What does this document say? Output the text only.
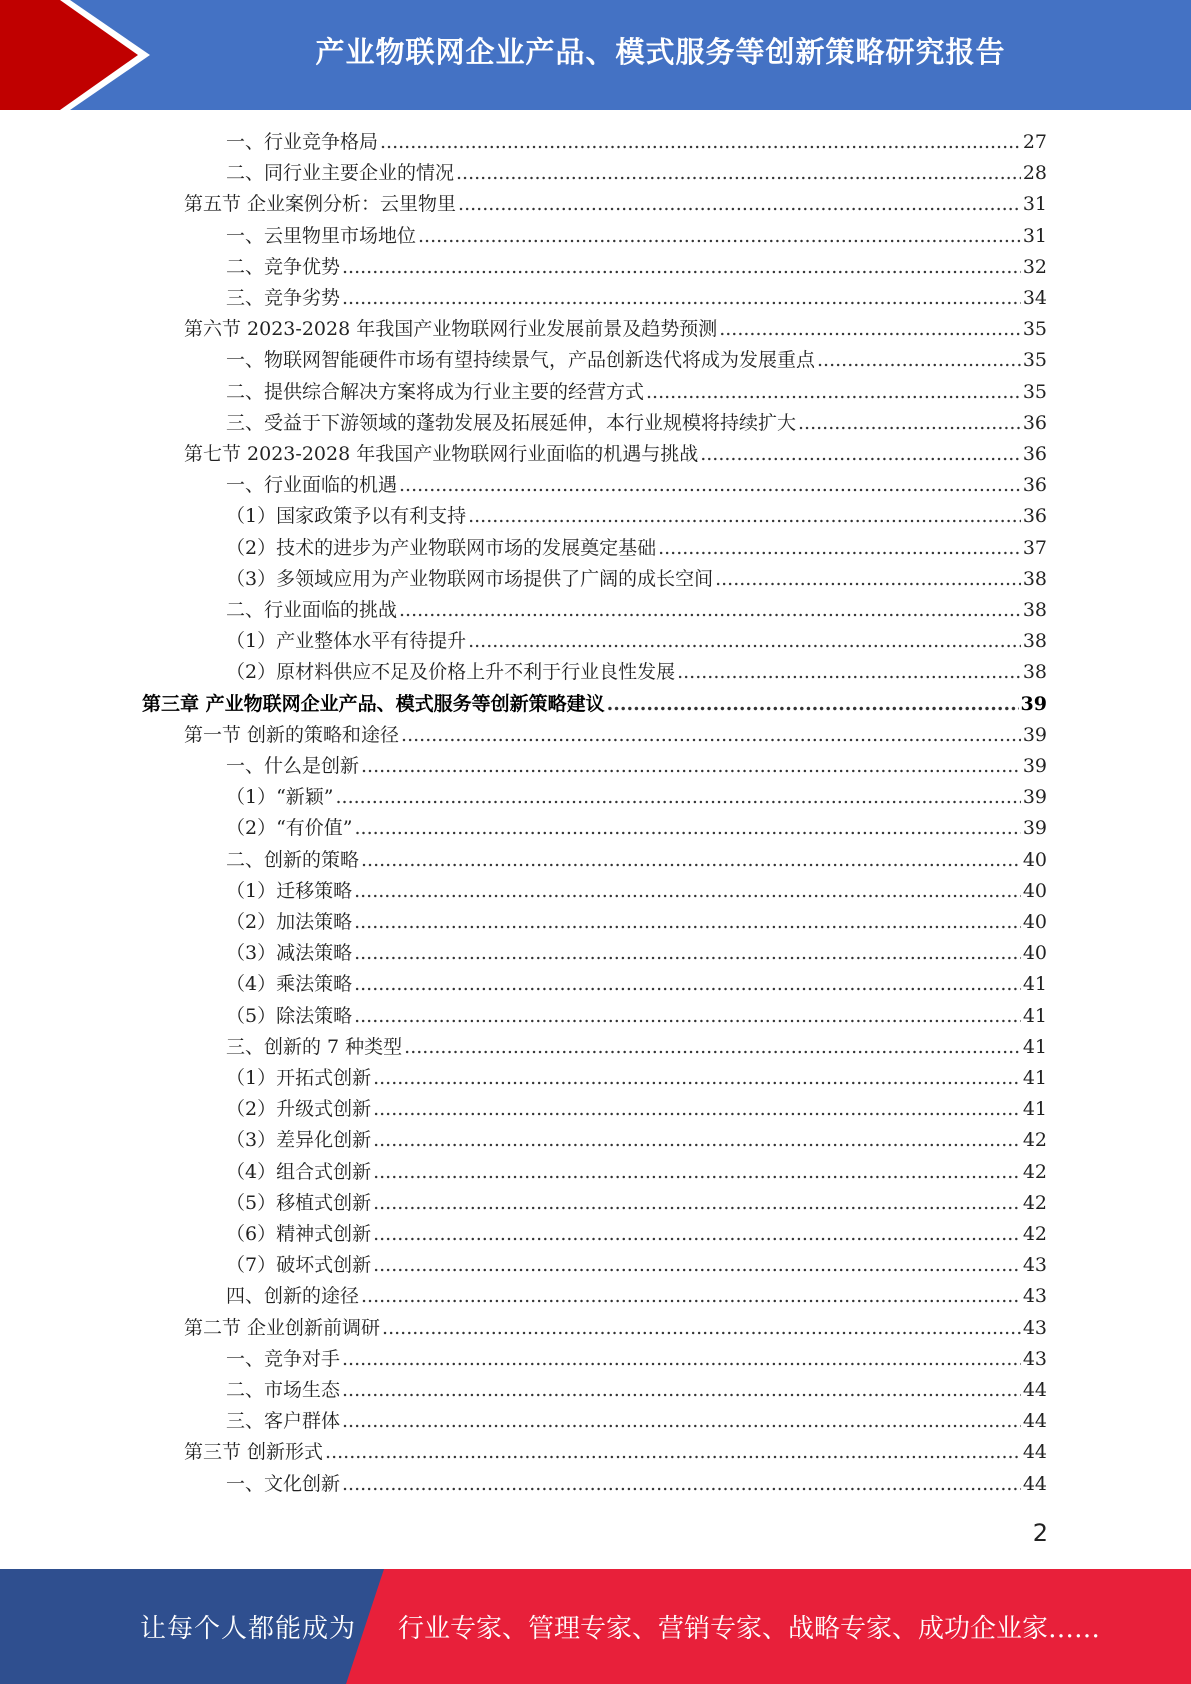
产业物联网企业产品、模式服务等创新策略研究报告
一、行业竞争格局 .....	27
二、同行业主要企业的情况 .....	28
第五节 企业案例分析：云里物里 .....	31
一、云里物里市场地位 .....	31
二、竞争优势 .....	32
三、竞争劣势 .....	34
第六节 2023-2028 年我国产业物联网行业发展前景及趋势预测 .....	35
一、物联网智能硬件市场有望持续景气，产品创新迭代将成为发展重点 .....	35
二、提供综合解决方案将成为行业主要的经营方式 .....	35
三、受益于下游领域的蓬勃发展及拓展延伸，本行业规模将持续扩大 .....	36
第七节 2023-2028 年我国产业物联网行业面临的机遇与挑战 .....	36
一、行业面临的机遇 .....	36
（1）国家政策予以有利支持 .....	36
（2）技术的进步为产业物联网市场的发展奠定基础 .....	37
（3）多领域应用为产业物联网市场提供了广阔的成长空间 .....	38
二、行业面临的挑战 .....	38
（1）产业整体水平有待提升 .....	38
（2）原材料供应不足及价格上升不利于行业良性发展 .....	38
第三章 产业物联网企业产品、模式服务等创新策略建议 .....	39
第一节 创新的策略和途径 .....	39
一、什么是创新 .....	39
（1）“新颖” .....	39
（2）“有价值” .....	39
二、创新的策略 .....	40
（1）迁移策略 .....	40
（2）加法策略 .....	40
（3）减法策略 .....	40
（4）乘法策略 .....	41
（5）除法策略 .....	41
三、创新的 7 种类型 .....	41
（1）开拓式创新 .....	41
（2）升级式创新 .....	41
（3）差异化创新 .....	42
（4）组合式创新 .....	42
（5）移植式创新 .....	42
（6）精神式创新 .....	42
（7）破坏式创新 .....	43
四、创新的途径 .....	43
第二节 企业创新前调研 .....	43
一、竞争对手 .....	43
二、市场生态 .....	44
三、客户群体 .....	44
第三节 创新形式 .....	44
一、文化创新 .....	44
2
让每个人都能成为 行业专家、管理专家、营销专家、战略专家、成功企业家……
